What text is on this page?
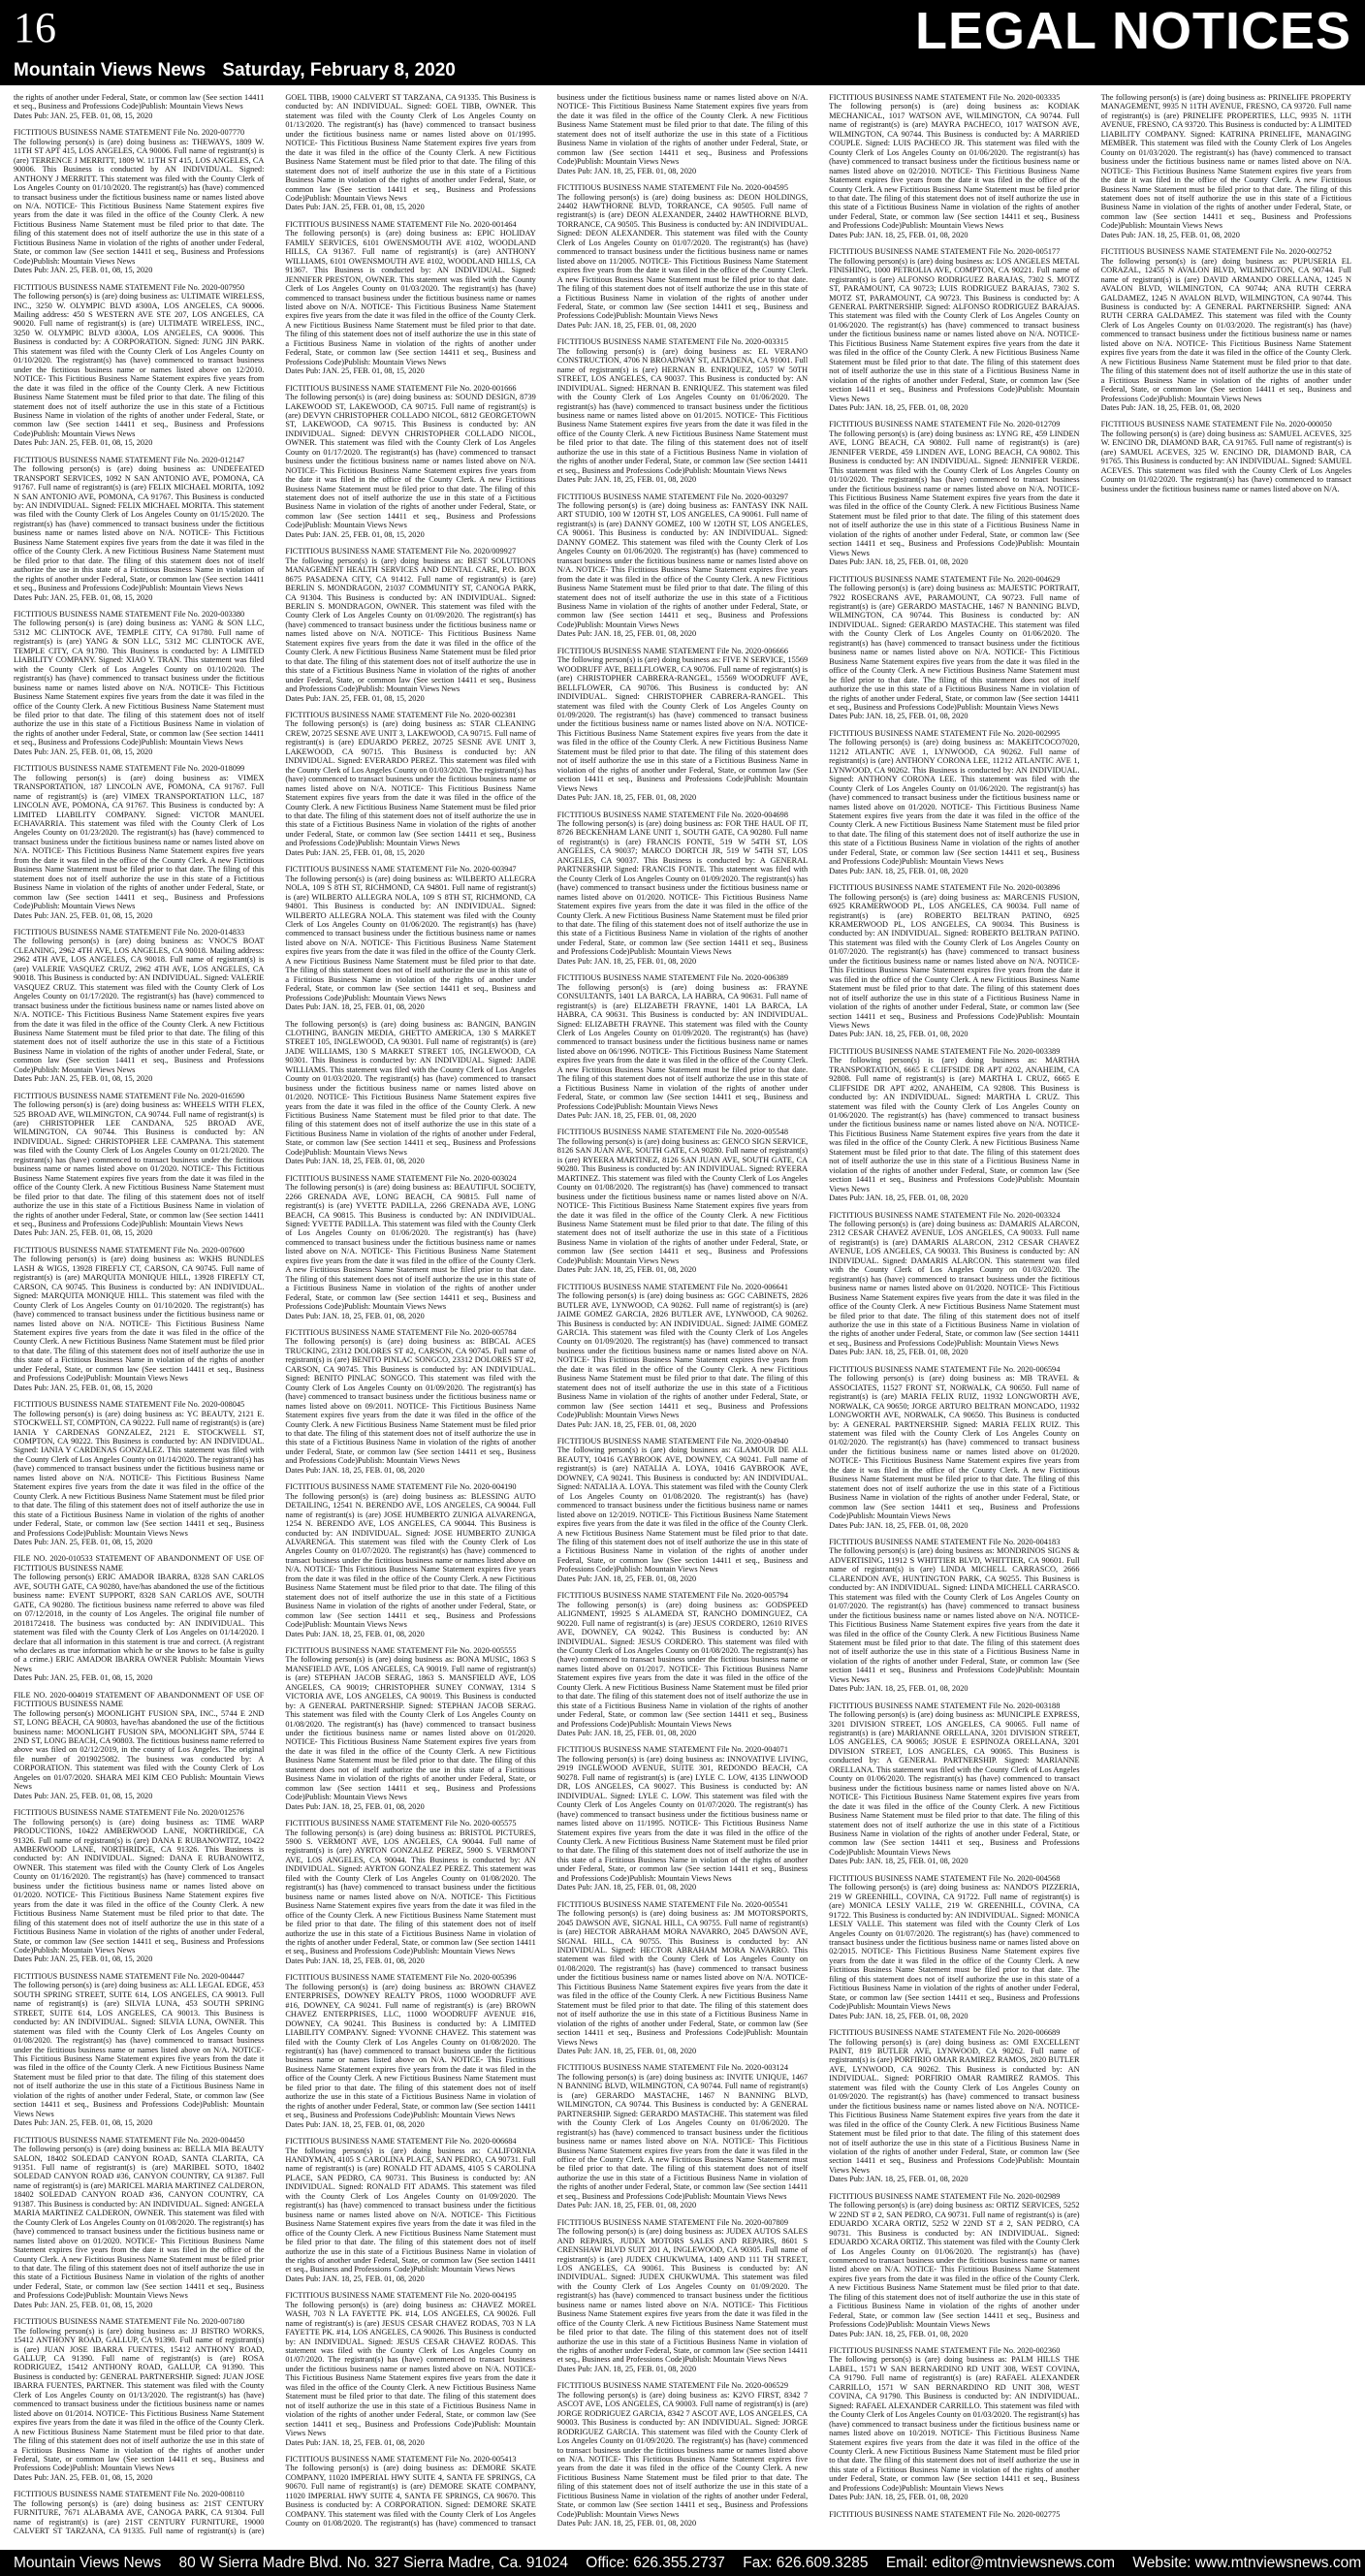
16	LEGAL NOTICES
Mountain Views News Saturday, February 8, 2020

the rights of another under Federal, State, or common law (See section 14411 et seq., Business and Professions Code)Publish: Mountain Views News

Dates Pub: JAN. 25, FEB. 01, 08, 15, 2020

FICTITIOUS BUSINESS NAME STATEMENT File No. 2020-007770

The following person(s) is (are) doing business as: THEWAYS, 1809 W. 11TH ST APT 415, LOS ANGELES, CA 90006. Full name of registrant(s) is (are) TERRENCE J MERRITT, 1809 W. 11TH ST 415, LOS ANGELES, CA 90006. This Business is conducted by AN INDIVIDUAL. Signed: ANTHONY J MERRITT. This statement was filed with the County Clerk of Los Angeles County on 01/10/2020. The registrant(s) has (have) commenced to transact business under the fictitious business name or names listed above on N/A. NOTICE- This Fictitious Business Name Statement expires five years from the date it was filed in the office of the County Clerk. A new Fictitious Business Name Statement must be filed prior to that date. The filing of this statement does not of itself authorize the use in this state of a Fictitious Business Name in violation of the rights of another under Federal, State, or common law (See section 14411 et seq., Business and Professions Code)Publish: Mountain Views News

Dates Pub: JAN. 25, FEB. 01, 08, 15, 2020

FICTITIOUS BUSINESS NAME STATEMENT File No. 2020-007950

The following person(s) is (are) doing business as: ULTIMATE WIRELESS, INC., 3250 W. OLYMPIC BLVD #300A, LOS ANGELES, CA 90006. Mailing address: 450 S WESTERN AVE STE 207, LOS ANGELES, CA 90020. Full name of registrant(s) is (are) ULTIMATE WIRELESS, INC., 3250 W. OLYMPIC BLVD #300A, LOS ANGELES, CA 90006. This Business is conducted by: A CORPORATION. Signed: JUNG JIN PARK. This statement was filed with the County Clerk of Los Angeles County on 01/10/2020. The registrant(s) has (have) commenced to transact business under the fictitious business name or names listed above on 12/2010. NOTICE- This Fictitious Business Name Statement expires five years from the date it was filed in the office of the County Clerk. A new Fictitious Business Name Statement must be filed prior to that date. The filing of this statement does not of itself authorize the use in this state of a Fictitious Business Name in violation of the rights of another under Federal, State, or common law (See section 14411 et seq., Business and Professions Code)Publish: Mountain Views News

Dates Pub: JAN. 25, FEB. 01, 08, 15, 2020

FICTITIOUS BUSINESS NAME STATEMENT File No. 2020-012147

The following person(s) is (are) doing business as: UNDEFEATED TRANSPORT SERVICES, 1092 N SAN ANTONIO AVE, POMONA, CA 91767. Full name of registrant(s) is (are) FELIX MICHAEL MORITA, 1092 N SAN ANTONIO AVE, POMONA, CA 91767. This Business is conducted by: AN INDIVIDUAL. Signed: FELIX MICHAEL MORITA. This statement was filed with the County Clerk of Los Angeles County on 01/15/2020. The registrant(s) has (have) commenced to transact business under the fictitious business name or names listed above on N/A. NOTICE- This Fictitious Business Name Statement expires five years from the date it was filed in the office of the County Clerk. A new Fictitious Business Name Statement must be filed prior to that date. The filing of this statement does not of itself authorize the use in this state of a Fictitious Business Name in violation of the rights of another under Federal, State, or common law (See section 14411 et seq., Business and Professions Code)Publish: Mountain Views News

Dates Pub: JAN. 25, FEB. 01, 08, 15, 2020

FICTITIOUS BUSINESS NAME STATEMENT File No. 2020-003380

The following person(s) is (are) doing business as: YANG & SON LLC, 5312 MC CLINTOCK AVE, TEMPLE CITY, CA 91780. Full name of registrant(s) is (are) YANG & SON LLC, 5312 MC CLINTOCK AVE, TEMPLE CITY, CA 91780. This Business is conducted by: A LIMITED LIABILITY COMPANY. Signed: XIAO Y. TRAN. This statement was filed with the County Clerk of Los Angeles County on 01/10/2020. The registrant(s) has (have) commenced to transact business under the fictitious business name or names listed above on N/A. NOTICE- This Fictitious Business Name Statement expires five years from the date it was filed in the office of the County Clerk. A new Fictitious Business Name Statement must be filed prior to that date. The filing of this statement does not of itself authorize the use in this state of a Fictitious Business Name in violation of the rights of another under Federal, State, or common law (See section 14411 et seq., Business and Professions Code)Publish: Mountain Views News

Dates Pub: JAN. 25, FEB. 01, 08, 15, 2020

FICTITIOUS BUSINESS NAME STATEMENT File No. 2020-018099

The following person(s) is (are) doing business as: VIMEX TRANSPORTATION, 187 LINCOLN AVE, POMONA, CA 91767. Full name of registrant(s) is (are) VIMEX TRANSPORTATION LLC, 187 LINCOLN AVE, POMONA, CA 91767. This Business is conducted by: A LIMITED LIABILITY COMPANY. Signed: VICTOR MANUEL ECHAVARRIA. This statement was filed with the County Clerk of Los Angeles County on 01/23/2020. The registrant(s) has (have) commenced to transact business under the fictitious business name or names listed above on N/A. NOTICE- This Fictitious Business Name Statement expires five years from the date it was filed in the office of the County Clerk. A new Fictitious Business Name Statement must be filed prior to that date. The filing of this statement does not of itself authorize the use in this state of a Fictitious Business Name in violation of the rights of another under Federal, State, or common law (See section 14411 et seq., Business and Professions Code)Publish: Mountain Views News

Dates Pub: JAN. 25, FEB. 01, 08, 15, 2020

FICTITIOUS BUSINESS NAME STATEMENT File No. 2020-014833

The following person(s) is (are) doing business as: VNOC'S BOAT CLEANING, 2962 4TH AVE, LOS ANGELES, CA 90018. Mailing address: 2962 4TH AVE, LOS ANGELES, CA 90018. Full name of registrant(s) is (are) VALERIE VASQUEZ CRUZ, 2962 4TH AVE, LOS ANGELES, CA 90018. This Business is conducted by: AN INDIVIDUAL. Signed: VALERIE VASQUEZ CRUZ. This statement was filed with the County Clerk of Los Angeles County on 01/17/2020. The registrant(s) has (have) commenced to transact business under the fictitious business name or names listed above on N/A. NOTICE- This Fictitious Business Name Statement expires five years from the date it was filed in the office of the County Clerk. A new Fictitious Business Name Statement must be filed prior to that date. The filing of this statement does not of itself authorize the use in this state of a Fictitious Business Name in violation of the rights of another under Federal, State, or common law (See section 14411 et seq., Business and Professions Code)Publish: Mountain Views News

Dates Pub: JAN. 25, FEB. 01, 08, 15, 2020

FICTITIOUS BUSINESS NAME STATEMENT File No. 2020-016590

The following person(s) is (are) doing business as: WHEELS WITH FLEX, 525 BROAD AVE, WILMINGTON, CA 90744. Full name of registrant(s) is (are) CHRISTOPHER LEE CANDANA, 525 BROAD AVE, WILMINGTON, CA 90744. This Business is conducted by: AN INDIVIDUAL. Signed: CHRISTOPHER LEE CAMPANA. This statement was filed with the County Clerk of Los Angeles County on 01/21/2020. The registrant(s) has (have) commenced to transact business under the fictitious business name or names listed above on 01/2020. NOTICE- This Fictitious Business Name Statement expires five years from the date it was filed in the office of the County Clerk. A new Fictitious Business Name Statement must be filed prior to that date. The filing of this statement does not of itself authorize the use in this state of a Fictitious Business Name in violation of the rights of another under Federal, State, or common law (See section 14411 et seq., Business and Professions Code)Publish: Mountain Views News

Dates Pub: JAN. 25, FEB. 01, 08, 15, 2020

FICTITIOUS BUSINESS NAME STATEMENT File No. 2020-007600

The following person(s) is (are) doing business as: WKHS BUNDLES LASH & WIGS, 13928 FIREFLY CT, CARSON, CA 90745. Full name of registrant(s) is (are) MARQUITA MONIQUE HILL, 13928 FIREFLY CT, CARSON, CA 90745. This Business is conducted by: AN INDIVIDUAL. Signed: MARQUITA MONIQUE HILL. This statement was filed with the County Clerk of Los Angeles County on 01/10/2020. The registrant(s) has (have) commenced to transact business under the fictitious business name or names listed above on N/A. NOTICE- This Fictitious Business Name Statement expires five years from the date it was filed in the office of the County Clerk. A new Fictitious Business Name Statement must be filed prior to that date. The filing of this statement does not of itself authorize the use in this state of a Fictitious Business Name in violation of the rights of another under Federal, State, or common law (See section 14411 et seq., Business and Professions Code)Publish: Mountain Views News

Dates Pub: JAN. 25, FEB. 01, 08, 15, 2020

FICTITIOUS BUSINESS NAME STATEMENT File No. 2020-008045

The following person(s) is (are) doing business as: YC BEAUTY, 2121 E. STOCKWELL ST, COMPTON, CA 90222. Full name of registrant(s) is (are) IANIA Y CARDENAS GONZALEZ, 2121 E. STOCKWELL ST, COMPTON, CA 90222. This Business is conducted by: AN INDIVIDUAL. Signed: IANIA Y CARDENAS GONZALEZ. This statement was filed with the County Clerk of Los Angeles County on 01/14/2020. The registrant(s) has (have) commenced to transact business under the fictitious business name or names listed above on N/A. NOTICE- This Fictitious Business Name Statement expires five years from the date it was filed in the office of the County Clerk. A new Fictitious Business Name Statement must be filed prior to that date. The filing of this statement does not of itself authorize the use in this state of a Fictitious Business Name in violation of the rights of another under Federal, State, or common law (See section 14411 et seq., Business and Professions Code)Publish: Mountain Views News

Dates Pub: JAN. 25, FEB. 01, 08, 15, 2020

FILE NO. 2020-010533 STATEMENT OF ABANDONMENT OF USE OF FICTITIOUS BUSINESS NAME

The following person(s) ERIC AMADOR IBARRA, 8328 SAN CARLOS AVE, SOUTH GATE, CA 90280, have/has abandoned the use of the fictitious business name: EVENT SUPPORT, 8328 SAN CARLOS AVE, SOUTH GATE, CA 90280. The fictitious business name referred to above was filed on 07/12/2018, in the county of Los Angeles. The original file number of 2018172418. The business was conducted by: AN INDIVIDUAL. This statement was filed with the County Clerk of Los Angeles on 01/14/2020. I declare that all information in this statement is true and correct. (A registrant who declares as true information which he or she knows to be false is guilty of a crime.) ERIC AMADOR IBARRA OWNER Publish: Mountain Views News

Dates Pub: JAN. 25, FEB. 01, 08, 15, 2020

FILE NO. 2020-004019 STATEMENT OF ABANDONMENT OF USE OF FICTITIOUS BUSINESS NAME

The following person(s) MOONLIGHT FUSION SPA, INC., 5744 E 2ND ST, LONG BEACH, CA 90803, have/has abandoned the use of the fictitious business name: MOONLIGHT FUSION SPA, MOONLIGHT SPA, 5744 E 2ND ST, LONG BEACH, CA 90803. The fictitious business name referred to above was filed on 02/12/2019, in the county of Los Angeles. The original file number of 2019025082. The business was conducted by: A CORPORATION. This statement was filed with the County Clerk of Los Angeles on 01/07/2020. SHARA MEI KIM CEO Publish: Mountain Views News

Dates Pub: JAN. 25, FEB. 01, 08, 15, 2020

FICTITIOUS BUSINESS NAME STATEMENT File No. 2020/012576

The following person(s) is (are) doing business as: TIME WARP PRODUCTIONS, 10422 AMBERWOOD LANE, NORTHRIDGE, CA 91326. Full name of registrant(s) is (are) DANA E RUBANOWITZ, 10422 AMBERWOOD LANE, NORTHRIDGE, CA 91326. This Business is conducted by: AN INDIVIDUAL. Signed: DANA E RUBANOWITZ, OWNER. This statement was filed with the County Clerk of Los Angeles County on 01/16/2020. The registrant(s) has (have) commenced to transact business under the fictitious business name or names listed above on 01/2020. NOTICE- This Fictitious Business Name Statement expires five years from the date it was filed in the office of the County Clerk. A new Fictitious Business Name Statement must be filed prior to that date. The filing of this statement does not of itself authorize the use in this state of a Fictitious Business Name in violation of the rights of another under Federal, State, or common law (See section 14411 et seq., Business and Professions Code)Publish: Mountain Views News

Dates Pub: JAN. 25, FEB. 01, 08, 15, 2020

FICTITIOUS BUSINESS NAME STATEMENT File No. 2020-004447

The following person(s) is (are) doing business as: ALL LEGAL EDGE, 453 SOUTH SPRING STREET, SUITE 614, LOS ANGELES, CA 90013. Full name of registrant(s) is (are) SILVIA LUNA, 453 SOUTH SPRING STREET, SUITE 614, LOS ANGELES, CA 90013. This Business is conducted by: AN INDIVIDUAL. Signed: SILVIA LUNA, OWNER. This statement was filed with the County Clerk of Los Angeles County on 01/08/2020. The registrant(s) has (have) commenced to transact business under the fictitious business name or names listed above on N/A. NOTICE- This Fictitious Business Name Statement expires five years from the date it was filed in the office of the County Clerk. A new Fictitious Business Name Statement must be filed prior to that date. The filing of this statement does not of itself authorize the use in this state of a Fictitious Business Name in violation of the rights of another under Federal, State, or common law (See section 14411 et seq., Business and Professions Code)Publish: Mountain Views News

Dates Pub: JAN. 25, FEB. 01, 08, 15, 2020

FICTITIOUS BUSINESS NAME STATEMENT File No. 2020-004450

The following person(s) is (are) doing business as: BELLA MIA BEAUTY SALON, 18402 SOLEDAD CANYON ROAD, SANTA CLARITA, CA 91351. Full name of registrant(s) is (are) MARIBEL SOTO, 18402 SOLEDAD CANYON ROAD #36, CANYON COUNTRY, CA 91387. Full name of registrant(s) is (are) MARICEL MARIA MARTINEZ CALDERON, 18402 SOLEDAD CANYON ROAD #36, CANYON COUNTRY, CA 91387. This Business is conducted by: AN INDIVIDUAL. Signed: ANGELA MARIA MARTINEZ CALDERON, OWNER. This statement was filed with the County Clerk of Los Angeles County on 01/08/2020. The registrant(s) has (have) commenced to transact business under the fictitious business name or names listed above on 01/2020. NOTICE- This Fictitious Business Name Statement expires five years from the date it was filed in the office of the County Clerk. A new Fictitious Business Name Statement must be filed prior to that date. The filing of this statement does not of itself authorize the use in this state of a Fictitious Business Name in violation of the rights of another under Federal, State, or common law (See section 14411 et seq., Business and Professions Code)Publish: Mountain Views News

Dates Pub: JAN. 25, FEB. 01, 08, 15, 2020

FICTITIOUS BUSINESS NAME STATEMENT File No. 2020-007180

The following person(s) is (are) doing business as: JJ BISTRO WORKS, 15412 ANTHONY ROAD, GALLUP, CA 91390. Full name of registrant(s) is (are) JUAN JOSE IBARRA FUENTES, 15412 ANTHONY ROAD, GALLUP, CA 91390. Full name of registrant(s) is (are) ROSA RODRIGUEZ, 15412 ANTHONY ROAD, GALLUP, CA 91390. This Business is conducted by: GENERAL PARTNERSHIP. Signed: JUAN JOSE IBARRA FUENTES, PARTNER. This statement was filed with the County Clerk of Los Angeles County on 01/13/2020. The registrant(s) has (have) commenced to transact business under the fictitious business name or names listed above on 01/2014. NOTICE- This Fictitious Business Name Statement expires five years from the date it was filed in the office of the County Clerk. A new Fictitious Business Name Statement must be filed prior to that date. The filing of this statement does not of itself authorize the use in this state of a Fictitious Business Name in violation of the rights of another under Federal, State, or common law (See section 14411 et seq., Business and Professions Code)Publish: Mountain Views News

Dates Pub: JAN. 25, FEB. 01, 08, 15, 2020

FICTITIOUS BUSINESS NAME STATEMENT File No. 2020-008110

The following person(s) is (are) doing business as: 21ST CENTURY FURNITURE, 7671 ALABAMA AVE, CANOGA PARK, CA 91304. Full name of registrant(s) is (are) 21ST CENTURY FURNITURE, 19000 CALVERT ST TARZANA, CA 91335. Full name of registrant(s) is (are) GOEL TIBB, 19000 CALVERT ST TARZANA, CA 91335. This Business is conducted by: AN INDIVIDUAL. Signed: GOEL TIBB, OWNER. This statement was filed with the County Clerk of Los Angeles County on 01/13/2020. The registrant(s) has (have) commenced to transact business under the fictitious business name or names listed above on 01/1995. NOTICE- This Fictitious Business Name Statement expires five years from the date it was filed in the office of the County Clerk. A new Fictitious Business Name Statement must be filed prior to that date. The filing of this statement does not of itself authorize the use in this state of a Fictitious Business Name in violation of the rights of another under Federal, State, or common law (See section 14411 et seq., Business and Professions Code)Publish: Mountain Views News

Dates Pub: JAN. 25, FEB. 01, 08, 15, 2020

FICTITIOUS BUSINESS NAME STATEMENT File No. 2020-001464

The following person(s) is (are) doing business as: EPIC HOLIDAY FAMILY SERVICES, 6101 OWENSMOUTH AVE #102, WOODLAND HILLS, CA 91367. Full name of registrant(s) is (are) ANTHONY WILLIAMS, 6101 OWENSMOUTH AVE #102, WOODLAND HILLS, CA 91367. This Business is conducted by: AN INDIVIDUAL. Signed: JENNIFER PRESTON, OWNER. This statement was filed with the County Clerk of Los Angeles County on 01/03/2020. The registrant(s) has (have) commenced to transact business under the fictitious business name or names listed above on N/A. NOTICE- This Fictitious Business Name Statement expires five years from the date it was filed in the office of the County Clerk. A new Fictitious Business Name Statement must be filed prior to that date. The filing of this statement does not of itself authorize the use in this state of a Fictitious Business Name in violation of the rights of another under Federal, State, or common law (See section 14411 et seq., Business and Professions Code)Publish: Mountain Views News

Dates Pub: JAN. 25, FEB. 01, 08, 15, 2020

FICTITIOUS BUSINESS NAME STATEMENT File No. 2020-001666

The following person(s) is (are) doing business as: SOUND DESIGN, 8739 LAKEWOOD ST, LAKEWOOD, CA 90715. Full name of registrant(s) is (are) DEVYN CHRISTOPHER COLLADO NICOL, 6812 GEORGETOWN ST, LAKEWOOD, CA 90715. This Business is conducted by: AN INDIVIDUAL. Signed: DEVYN CHRISTOPHER COLLADO NICOL, OWNER. This statement was filed with the County Clerk of Los Angeles County on 01/17/2020. The registrant(s) has (have) commenced to transact business under the fictitious business name or names listed above on N/A. NOTICE- This Fictitious Business Name Statement expires five years from the date it was filed in the office of the County Clerk. A new Fictitious Business Name Statement must be filed prior to that date. The filing of this statement does not of itself authorize the use in this state of a Fictitious Business Name in violation of the rights of another under Federal, State, or common law (See section 14411 et seq., Business and Professions Code)Publish: Mountain Views News

Dates Pub: JAN. 25, FEB. 01, 08, 15, 2020

FICTITIOUS BUSINESS NAME STATEMENT File No. 2020/009927

The following person(s) is (are) doing business as: BEST SOLUTIONS MANAGEMENT HEALTH SERVICES AND DENTAL CARE, P.O. BOX 8675 PASADENA CITY, CA 91412. Full name of registrant(s) is (are) BERLIN S. MONDRAGON, 21037 COMMUNITY ST, CANOGA PARK, CA 91304. This Business is conducted by: AN INDIVIDUAL. Signed: BERLIN S. MONDRAGON, OWNER. This statement was filed with the County Clerk of Los Angeles County on 01/09/2020. The registrant(s) has (have) commenced to transact business under the fictitious business name or names listed above on N/A. NOTICE- This Fictitious Business Name Statement expires five years from the date it was filed in the office of the County Clerk. A new Fictitious Business Name Statement must be filed prior to that date. The filing of this statement does not of itself authorize the use in this state of a Fictitious Business Name in violation of the rights of another under Federal, State, or common law (See section 14411 et seq., Business and Professions Code)Publish: Mountain Views News

Dates Pub: JAN. 25, FEB. 01, 08, 15, 2020

FICTITIOUS BUSINESS NAME STATEMENT File No. 2020-002381

The following person(s) is (are) doing business as: STAR CLEANING CREW, 20725 SESNE AVE UNIT 3, LAKEWOOD, CA 90715. Full name of registrant(s) is (are) EDUARDO PEREZ, 20725 SESNE AVE UNIT 3, LAKEWOOD, CA 90715. This Business is conducted by: AN INDIVIDUAL. Signed: EVERARDO PEREZ. This statement was filed with the County Clerk of Los Angeles County on 01/03/2020. The registrant(s) has (have) commenced to transact business under the fictitious business name or names listed above on N/A. NOTICE- This Fictitious Business Name Statement expires five years from the date it was filed in the office of the County Clerk. A new Fictitious Business Name Statement must be filed prior to that date. The filing of this statement does not of itself authorize the use in this state of a Fictitious Business Name in violation of the rights of another under Federal, State, or common law (See section 14411 et seq., Business and Professions Code)Publish: Mountain Views News

Dates Pub: JAN. 25, FEB. 01, 08, 15, 2020

FICTITIOUS BUSINESS NAME STATEMENT File No. 2020-003947

The following person(s) is (are) doing business as: WILBERTO ALLEGRA NOLA, 109 S 8TH ST, RICHMOND, CA 94801. Full name of registrant(s) is (are) WILBERTO ALLEGRA NOLA, 109 S 8TH ST, RICHMOND, CA 94801. This Business is conducted by: AN INDIVIDUAL. Signed: WILBERTO ALLEGRA NOLA. This statement was filed with the County Clerk of Los Angeles County on 01/06/2020. The registrant(s) has (have) commenced to transact business under the fictitious business name or names listed above on N/A. NOTICE- This Fictitious Business Name Statement expires five years from the date it was filed in the office of the County Clerk. A new Fictitious Business Name Statement must be filed prior to that date. The filing of this statement does not of itself authorize the use in this state of a Fictitious Business Name in violation of the rights of another under Federal, State, or common law (See section 14411 et seq., Business and Professions Code)Publish: Mountain Views News

Dates Pub: JAN. 18, 25, FEB. 01, 08, 2020

The following person(s) is (are) doing business as: BANGIN, BANGIN CLOTHING, BANGIN MEDIA, GHETTO AMERICA, 130 S MARKET STREET 105, INGLEWOOD, CA 90301. Full name of registrant(s) is (are) JADE WILLIAMS, 130 S MARKET STREET 105, INGLEWOOD, CA 90301. This Business is conducted by: AN INDIVIDUAL. Signed: JADE WILLIAMS. This statement was filed with the County Clerk of Los Angeles County on 01/03/2020. The registrant(s) has (have) commenced to transact business under the fictitious business name or names listed above on 01/2020. NOTICE- This Fictitious Business Name Statement expires five years from the date it was filed in the office of the County Clerk. A new Fictitious Business Name Statement must be filed prior to that date. The filing of this statement does not of itself authorize the use in this state of a Fictitious Business Name in violation of the rights of another under Federal, State, or common law (See section 14411 et seq., Business and Professions Code)Publish: Mountain Views News

Dates Pub: JAN. 18, 25, FEB. 01, 08, 2020

FICTITIOUS BUSINESS NAME STATEMENT File No. 2020-003024

The following person(s) is (are) doing business as: BEAUTIFUL SOCIETY, 2266 GRENADA AVE, LONG BEACH, CA 90815. Full name of registrant(s) is (are) YVETTE PADILLA, 2266 GRENADA AVE, LONG BEACH, CA 90815. This Business is conducted by: AN INDIVIDUAL. Signed: YVETTE PADILLA. This statement was filed with the County Clerk of Los Angeles County on 01/06/2020. The registrant(s) has (have) commenced to transact business under the fictitious business name or names listed above on N/A. NOTICE- This Fictitious Business Name Statement expires five years from the date it was filed in the office of the County Clerk. A new Fictitious Business Name Statement must be filed prior to that date. The filing of this statement does not of itself authorize the use in this state of a Fictitious Business Name in violation of the rights of another under Federal, State, or common law (See section 14411 et seq., Business and Professions Code)Publish: Mountain Views News

Dates Pub: JAN. 18, 25, FEB. 01, 08, 2020

FICTITIOUS BUSINESS NAME STATEMENT File No. 2020-005784

The following person(s) is (are) doing business as: BIBCAL ACES TRUCKING, 23312 DOLORES ST #2, CARSON, CA 90745. Full name of registrant(s) is (are) BENITO PINLAC SONGCO, 23312 DOLORES ST #2, CARSON, CA 90745. This Business is conducted by: AN INDIVIDUAL. Signed: BENITO PINLAC SONGCO. This statement was filed with the County Clerk of Los Angeles County on 01/09/2020. The registrant(s) has (have) commenced to transact business under the fictitious business name or names listed above on 09/2011. NOTICE- This Fictitious Business Name Statement expires five years from the date it was filed in the office of the County Clerk. A new Fictitious Business Name Statement must be filed prior to that date. The filing of this statement does not of itself authorize the use in this state of a Fictitious Business Name in violation of the rights of another under Federal, State, or common law (See section 14411 et seq., Business and Professions Code)Publish: Mountain Views News

Dates Pub: JAN. 18, 25, FEB. 01, 08, 2020

FICTITIOUS BUSINESS NAME STATEMENT File No. 2020-004190

The following person(s) is (are) doing business as: BLESSING AUTO DETAILING, 12541 N. BERENDO AVE, LOS ANGELES, CA 90044. Full name of registrant(s) is (are) JOSE HUMBERTO ZUNIGA ALVARENGA, 1254 N. BERENDO AVE, LOS ANGELES, CA 90044. This Business is conducted by: AN INDIVIDUAL. Signed: JOSE HUMBERTO ZUNIGA ALVARENGA. This statement was filed with the County Clerk of Los Angeles County on 01/07/2020. The registrant(s) has (have) commenced to transact business under the fictitious business name or names listed above on N/A. NOTICE- This Fictitious Business Name Statement expires five years from the date it was filed in the office of the County Clerk. A new Fictitious Business Name Statement must be filed prior to that date. The filing of this statement does not of itself authorize the use in this state of a Fictitious Business Name in violation of the rights of another under Federal, State, or common law (See section 14411 et seq., Business and Professions Code)Publish: Mountain Views News

Dates Pub: JAN. 18, 25, FEB. 01, 08, 2020

FICTITIOUS BUSINESS NAME STATEMENT File No. 2020-005555

The following person(s) is (are) doing business as: BONA MUSIC, 1863 S MANSFIELD AVE, LOS ANGELES, CA 90019. Full name of registrant(s) is (are) STEPHAN JACOB SERAG, 1863 S. MANSFIELD AVE, LOS ANGELES, CA 90019; CHRISTOPHER SUNEY CONWAY, 1314 S VICTORIA AVE, LOS ANGELES, CA 90019. This Business is conducted by: A GENERAL PARTNERSHIP. Signed: STEPHAN JACOB SERAG. This statement was filed with the County Clerk of Los Angeles County on 01/08/2020. The registrant(s) has (have) commenced to transact business under the fictitious business name or names listed above on 01/2020. NOTICE- This Fictitious Business Name Statement expires five years from the date it was filed in the office of the County Clerk. A new Fictitious Business Name Statement must be filed prior to that date. The filing of this statement does not of itself authorize the use in this state of a Fictitious Business Name in violation of the rights of another under Federal, State, or common law (See section 14411 et seq., Business and Professions Code)Publish: Mountain Views News

Dates Pub: JAN. 18, 25, FEB. 01, 08, 2020

FICTITIOUS BUSINESS NAME STATEMENT File No. 2020-005575

The following person(s) is (are) doing business as: BRISTOL PICTURES, 5900 S. VERMONT AVE, LOS ANGELES, CA 90044. Full name of registrant(s) is (are) AYRTON GONZALEZ PEREZ, 5900 S. VERMONT AVE, LOS ANGELES, CA 90044. This Business is conducted by: AN INDIVIDUAL. Signed: AYRTON GONZALEZ PEREZ. This statement was filed with the County Clerk of Los Angeles County on 01/08/2020. The registrant(s) has (have) commenced to transact business under the fictitious business name or names listed above on N/A. NOTICE- This Fictitious Business Name Statement expires five years from the date it was filed in the office of the County Clerk. A new Fictitious Business Name Statement must be filed prior to that date. The filing of this statement does not of itself authorize the use in this state of a Fictitious Business Name in violation of the rights of another under Federal, State, or common law (See section 14411 et seq., Business and Professions Code)Publish: Mountain Views News

Dates Pub: JAN. 18, 25, FEB. 01, 08, 2020

FICTITIOUS BUSINESS NAME STATEMENT File No. 2020-005396

The following person(s) is (are) doing business as: BROWN CHAVEZ ENTERPRISES, DOWNEY REALTY PROS, 11000 WOODRUFF AVE #16, DOWNEY, CA 90241. Full name of registrant(s) is (are) BROWN CHAVEZ ENTERPRISES, LLC, 11000 WOODRUFF AVENUE #16, DOWNEY, CA 90241. This Business is conducted by: A LIMITED LIABILITY COMPANY. Signed: YVONNE CHAVEZ. This statement was filed with the County Clerk of Los Angeles County on 01/08/2020. The registrant(s) has (have) commenced to transact business under the fictitious business name or names listed above on N/A. NOTICE- This Fictitious Business Name Statement expires five years from the date it was filed in the office of the County Clerk. A new Fictitious Business Name Statement must be filed prior to that date. The filing of this statement does not of itself authorize the use in this state of a Fictitious Business Name in violation of the rights of another under Federal, State, or common law (See section 14411 et seq., Business and Professions Code)Publish: Mountain Views News

Dates Pub: JAN. 18, 25, FEB. 01, 08, 2020

FICTITIOUS BUSINESS NAME STATEMENT File No. 2020-006684

The following person(s) is (are) doing business as: CALIFORNIA HANDYMAN, 4105 S CAROLINA PLACE, SAN PEDRO, CA 90731. Full name of registrant(s) is (are) RONALD FIT ADAMS, 4105 S CAROLINA PLACE, SAN PEDRO, CA 90731. This Business is conducted by: AN INDIVIDUAL. Signed: RONALD FIT ADAMS. This statement was filed with the County Clerk of Los Angeles County on 01/09/2020. The registrant(s) has (have) commenced to transact business under the fictitious business name or names listed above on N/A. NOTICE- This Fictitious Business Name Statement expires five years from the date it was filed in the office of the County Clerk. A new Fictitious Business Name Statement must be filed prior to that date. The filing of this statement does not of itself authorize the use in this state of a Fictitious Business Name in violation of the rights of another under Federal, State, or common law (See section 14411 et seq., Business and Professions Code)Publish: Mountain Views News

Dates Pub: JAN. 18, 25, FEB. 01, 08, 2020

FICTITIOUS BUSINESS NAME STATEMENT File No. 2020-004195

The following person(s) is (are) doing business as: CHAVEZ MOREL WASH, 703 N LA FAYETTE PK. #14, LOS ANGELES, CA 90026. Full name of registrant(s) is (are) JESUS CESAR CHAVEZ RODAS, 703 N LA FAYETTE PK. #14, LOS ANGELES, CA 90026. This Business is conducted by: AN INDIVIDUAL. Signed: JESUS CESAR CHAVEZ RODAS. This statement was filed with the County Clerk of Los Angeles County on 01/07/2020. The registrant(s) has (have) commenced to transact business under the fictitious business name or names listed above on N/A. NOTICE- This Fictitious Business Name Statement expires five years from the date it was filed in the office of the County Clerk. A new Fictitious Business Name Statement must be filed prior to that date. The filing of this statement does not of itself authorize the use in this state of a Fictitious Business Name in violation of the rights of another under Federal, State, or common law (See section 14411 et seq., Business and Professions Code)Publish: Mountain Views News

Dates Pub: JAN. 18, 25, FEB. 01, 08, 2020

FICTITIOUS BUSINESS NAME STATEMENT File No. 2020-005413

The following person(s) is (are) doing business as: DEMORE SKATE COMPANY, 11020 IMPERIAL HWY SUITE 4, SANTA FE SPRINGS, CA 90670. Full name of registrant(s) is (are) DEMORE SKATE COMPANY, 11020 IMPERIAL HWY SUITE 4, SANTA FE SPRINGS, CA 90670. This Business is conducted by: A CORPORATION. Signed: DEMORE SKATE COMPANY. This statement was filed with the County Clerk of Los Angeles County on 01/08/2020. The registrant(s) has (have) commenced to transact business under the fictitious business name or names listed above on N/A. NOTICE- This Fictitious Business Name Statement expires five years from the date it was filed in the office of the County Clerk. A new Fictitious Business Name Statement must be filed prior to that date. The filing of this statement does not of itself authorize the use in this state of a Fictitious Business Name in violation of the rights of another under Federal, State, or common law (See section 14411 et seq., Business and Professions Code)Publish: Mountain Views News

Dates Pub: JAN. 18, 25, FEB. 01, 08, 2020

FICTITIOUS BUSINESS NAME STATEMENT File No. 2020-004595

The following person(s) is (are) doing business as: DEON HOLDINGS, 24402 HAWTHORNE BLVD, TORRANCE, CA 90505. Full name of registrant(s) is (are) DEON ALEXANDER, 24402 HAWTHORNE BLVD, TORRANCE, CA 90505. This Business is conducted by: AN INDIVIDUAL. Signed: DEON ALEXANDER. This statement was filed with the County Clerk of Los Angeles County on 01/07/2020. The registrant(s) has (have) commenced to transact business under the fictitious business name or names listed above on 11/2005. NOTICE- This Fictitious Business Name Statement expires five years from the date it was filed in the office of the County Clerk. A new Fictitious Business Name Statement must be filed prior to that date. The filing of this statement does not of itself authorize the use in this state of a Fictitious Business Name in violation of the rights of another under Federal, State, or common law (See section 14411 et seq., Business and Professions Code)Publish: Mountain Views News

Dates Pub: JAN. 18, 25, FEB. 01, 08, 2020

FICTITIOUS BUSINESS NAME STATEMENT File No. 2020-003315

The following person(s) is (are) doing business as: EL VERANO CONSTRUCTION, 4706 N BROADWAY ST, ALTADENA, CA 91001. Full name of registrant(s) is (are) HERNAN B. ENRIQUEZ, 1057 W 50TH STREET, LOS ANGELES, CA 90037. This Business is conducted by: AN INDIVIDUAL. Signed: HERNAN B. ENRIQUEZ. This statement was filed with the County Clerk of Los Angeles County on 01/06/2020. The registrant(s) has (have) commenced to transact business under the fictitious business name or names listed above on 01/2015. NOTICE- This Fictitious Business Name Statement expires five years from the date it was filed in the office of the County Clerk. A new Fictitious Business Name Statement must be filed prior to that date. The filing of this statement does not of itself authorize the use in this state of a Fictitious Business Name in violation of the rights of another under Federal, State, or common law (See section 14411 et seq., Business and Professions Code)Publish: Mountain Views News

Dates Pub: JAN. 18, 25, FEB. 01, 08, 2020

FICTITIOUS BUSINESS NAME STATEMENT File No. 2020-003297

The following person(s) is (are) doing business as: FANTASY INK NAIL ART STUDIO, 100 W 120TH ST, LOS ANGELES, CA 90061. Full name of registrant(s) is (are) DANNY GOMEZ, 100 W 120TH ST, LOS ANGELES, CA 90061. This Business is conducted by: AN INDIVIDUAL. Signed: DANNY GOMEZ. This statement was filed with the County Clerk of Los Angeles County on 01/06/2020. The registrant(s) has (have) commenced to transact business under the fictitious business name or names listed above on N/A. NOTICE- This Fictitious Business Name Statement expires five years from the date it was filed in the office of the County Clerk. A new Fictitious Business Name Statement must be filed prior to that date. The filing of this statement does not of itself authorize the use in this state of a Fictitious Business Name in violation of the rights of another under Federal, State, or common law (See section 14411 et seq., Business and Professions Code)Publish: Mountain Views News

Dates Pub: JAN. 18, 25, FEB. 01, 08, 2020

FICTITIOUS BUSINESS NAME STATEMENT File No. 2020-006666

The following person(s) is (are) doing business as: FIVE N SERVICE, 15569 WOODRUFF AVE, BELLFLOWER, CA 90706. Full name of registrant(s) is (are) CHRISTOPHER CABRERA-RANGEL, 15569 WOODRUFF AVE, BELLFLOWER, CA 90706. This Business is conducted by: AN INDIVIDUAL. Signed: CHRISTOPHER CABRERA-RANGEL. This statement was filed with the County Clerk of Los Angeles County on 01/09/2020. The registrant(s) has (have) commenced to transact business under the fictitious business name or names listed above on N/A. NOTICE- This Fictitious Business Name Statement expires five years from the date it was filed in the office of the County Clerk. A new Fictitious Business Name Statement must be filed prior to that date. The filing of this statement does not of itself authorize the use in this state of a Fictitious Business Name in violation of the rights of another under Federal, State, or common law (See section 14411 et seq., Business and Professions Code)Publish: Mountain Views News

Dates Pub: JAN. 18, 25, FEB. 01, 08, 2020

FICTITIOUS BUSINESS NAME STATEMENT File No. 2020-004698

The following person(s) is (are) doing business as: FOR THE HAUL OF IT, 8726 BECKENHAM LANE UNIT 1, SOUTH GATE, CA 90280. Full name of registrant(s) is (are) FRANCIS FONTE, 519 W 54TH ST, LOS ANGELES, CA 90037; MARCO DORTCH JR, 519 W 54TH ST, LOS ANGELES, CA 90037. This Business is conducted by: A GENERAL PARTNERSHIP. Signed: FRANCIS FONTE. This statement was filed with the County Clerk of Los Angeles County on 01/09/2020. The registrant(s) has (have) commenced to transact business under the fictitious business name or names listed above on 01/2020. NOTICE- This Fictitious Business Name Statement expires five years from the date it was filed in the office of the County Clerk. A new Fictitious Business Name Statement must be filed prior to that date. The filing of this statement does not of itself authorize the use in this state of a Fictitious Business Name in violation of the rights of another under Federal, State, or common law (See section 14411 et seq., Business and Professions Code)Publish: Mountain Views News

Dates Pub: JAN. 18, 25, FEB. 01, 08, 2020

FICTITIOUS BUSINESS NAME STATEMENT File No. 2020-006389

The following person(s) is (are) doing business as: FRAYNE CONSULTANTS, 1401 LA BARCA, LA HABRA, CA 90631. Full name of registrant(s) is (are) ELIZABETH FRAYNE, 1401 LA BARCA, LA HABRA, CA 90631. This Business is conducted by: AN INDIVIDUAL. Signed: ELIZABETH FRAYNE. This statement was filed with the County Clerk of Los Angeles County on 01/09/2020. The registrant(s) has (have) commenced to transact business under the fictitious business name or names listed above on 06/1996. NOTICE- This Fictitious Business Name Statement expires five years from the date it was filed in the office of the County Clerk. A new Fictitious Business Name Statement must be filed prior to that date. The filing of this statement does not of itself authorize the use in this state of a Fictitious Business Name in violation of the rights of another under Federal, State, or common law (See section 14411 et seq., Business and Professions Code)Publish: Mountain Views News

Dates Pub: JAN. 18, 25, FEB. 01, 08, 2020

FICTITIOUS BUSINESS NAME STATEMENT File No. 2020-005548

The following person(s) is (are) doing business as: GENCO SIGN SERVICE, 8126 SAN JUAN AVE, SOUTH GATE, CA 90280. Full name of registrant(s) is (are) RYEERA MARTINEZ, 8126 SAN JUAN AVE, SOUTH GATE, CA 90280. This Business is conducted by: AN INDIVIDUAL. Signed: RYEERA MARTINEZ. This statement was filed with the County Clerk of Los Angeles County on 01/08/2020. The registrant(s) has (have) commenced to transact business under the fictitious business name or names listed above on N/A. NOTICE- This Fictitious Business Name Statement expires five years from the date it was filed in the office of the County Clerk. A new Fictitious Business Name Statement must be filed prior to that date. The filing of this statement does not of itself authorize the use in this state of a Fictitious Business Name in violation of the rights of another under Federal, State, or common law (See section 14411 et seq., Business and Professions Code)Publish: Mountain Views News

Dates Pub: JAN. 18, 25, FEB. 01, 08, 2020

FICTITIOUS BUSINESS NAME STATEMENT File No. 2020-006641

The following person(s) is (are) doing business as: GGC CABINETS, 2826 BUTLER AVE, LYNWOOD, CA 90262. Full name of registrant(s) is (are) JAIME GOMEZ GARCIA, 2826 BUTLER AVE, LYNWOOD, CA 90262. This Business is conducted by: AN INDIVIDUAL. Signed: JAIME GOMEZ GARCIA. This statement was filed with the County Clerk of Los Angeles County on 01/09/2020. The registrant(s) has (have) commenced to transact business under the fictitious business name or names listed above on N/A. NOTICE- This Fictitious Business Name Statement expires five years from the date it was filed in the office of the County Clerk. A new Fictitious Business Name Statement must be filed prior to that date. The filing of this statement does not of itself authorize the use in this state of a Fictitious Business Name in violation of the rights of another under Federal, State, or common law (See section 14411 et seq., Business and Professions Code)Publish: Mountain Views News

Dates Pub: JAN. 18, 25, FEB. 01, 08, 2020

FICTITIOUS BUSINESS NAME STATEMENT File No. 2020-004940

The following person(s) is (are) doing business as: GLAMOUR DE ALL BEAUTY, 10416 GAYBROOK AVE, DOWNEY, CA 90241. Full name of registrant(s) is (are) NATALIA A. LOYA, 10416 GAYBROOK AVE, DOWNEY, CA 90241. This Business is conducted by: AN INDIVIDUAL. Signed: NATALIA A. LOYA. This statement was filed with the County Clerk of Los Angeles County on 01/08/2020. The registrant(s) has (have) commenced to transact business under the fictitious business name or names listed above on 12/2019. NOTICE- This Fictitious Business Name Statement expires five years from the date it was filed in the office of the County Clerk. A new Fictitious Business Name Statement must be filed prior to that date. The filing of this statement does not of itself authorize the use in this state of a Fictitious Business Name in violation of the rights of another under Federal, State, or common law (See section 14411 et seq., Business and Professions Code)Publish: Mountain Views News

Dates Pub: JAN. 18, 25, FEB. 01, 08, 2020

FICTITIOUS BUSINESS NAME STATEMENT File No. 2020-005794

The following person(s) is (are) doing business as: GODSPEED ALIGNMENT, 19925 S ALAMEDA ST, RANCHO DOMINGUEZ, CA 90220. Full name of registrant(s) is (are) JESUS CORDERO, 12610 RIVES AVE, DOWNEY, CA 90242. This Business is conducted by: AN INDIVIDUAL. Signed: JESUS CORDERO. This statement was filed with the County Clerk of Los Angeles County on 01/08/2020. The registrant(s) has (have) commenced to transact business under the fictitious business name or names listed above on 01/2017. NOTICE- This Fictitious Business Name Statement expires five years from the date it was filed in the office of the County Clerk. A new Fictitious Business Name Statement must be filed prior to that date. The filing of this statement does not of itself authorize the use in this state of a Fictitious Business Name in violation of the rights of another under Federal, State, or common law (See section 14411 et seq., Business and Professions Code)Publish: Mountain Views News

Dates Pub: JAN. 18, 25, FEB. 01, 08, 2020

FICTITIOUS BUSINESS NAME STATEMENT File No. 2020-004071

The following person(s) is (are) doing business as: INNOVATIVE LIVING, 2919 INGLEWOOD AVENUE, SUITE 301, REDONDO BEACH, CA 90278. Full name of registrant(s) is (are) LYLE C. LOW, 4135 LINWOOD DR, LOS ANGELES, CA 90027. This Business is conducted by: AN INDIVIDUAL. Signed: LYLE C. LOW. This statement was filed with the County Clerk of Los Angeles County on 01/07/2020. The registrant(s) has (have) commenced to transact business under the fictitious business name or names listed above on 11/1995. NOTICE- This Fictitious Business Name Statement expires five years from the date it was filed in the office of the County Clerk. A new Fictitious Business Name Statement must be filed prior to that date. The filing of this statement does not of itself authorize the use in this state of a Fictitious Business Name in violation of the rights of another under Federal, State, or common law (See section 14411 et seq., Business and Professions Code)Publish: Mountain Views News

Dates Pub: JAN. 18, 25, FEB. 01, 08, 2020

FICTITIOUS BUSINESS NAME STATEMENT File No. 2020-005541

The following person(s) is (are) doing business as: JM MOTORSPORTS, 2045 DAWSON AVE, SIGNAL HILL, CA 90755. Full name of registrant(s) is (are) HECTOR ABRAHAM MORA NAVARRO, 2045 DAWSON AVE, SIGNAL HILL, CA 90755. This Business is conducted by: AN INDIVIDUAL. Signed: HECTOR ABRAHAM MORA NAVARRO. This statement was filed with the County Clerk of Los Angeles County on 01/08/2020. The registrant(s) has (have) commenced to transact business under the fictitious business name or names listed above on N/A. NOTICE- This Fictitious Business Name Statement expires five years from the date it was filed in the office of the County Clerk. A new Fictitious Business Name Statement must be filed prior to that date. The filing of this statement does not of itself authorize the use in this state of a Fictitious Business Name in violation of the rights of another under Federal, State, or common law (See section 14411 et seq., Business and Professions Code)Publish: Mountain Views News

Dates Pub: JAN. 18, 25, FEB. 01, 08, 2020

FICTITIOUS BUSINESS NAME STATEMENT File No. 2020-003124

The following person(s) is (are) doing business as: INVITE UNIQUE, 1467 N BANNING BLVD, WILMINGTON, CA 90744. Full name of registrant(s) is (are) GERARDO MASTACHE, 1467 N BANNING BLVD, WILMINGTON, CA 90744. This Business is conducted by: A GENERAL PARTNERSHIP. Signed: GERARDO MASTACHE. This statement was filed with the County Clerk of Los Angeles County on 01/06/2020. The registrant(s) has (have) commenced to transact business under the fictitious business name or names listed above on N/A. NOTICE- This Fictitious Business Name Statement expires five years from the date it was filed in the office of the County Clerk. A new Fictitious Business Name Statement must be filed prior to that date. The filing of this statement does not of itself authorize the use in this state of a Fictitious Business Name in violation of the rights of another under Federal, State, or common law (See section 14411 et seq., Business and Professions Code)Publish: Mountain Views News

Dates Pub: JAN. 18, 25, FEB. 01, 08, 2020

FICTITIOUS BUSINESS NAME STATEMENT File No. 2020-007809

The following person(s) is (are) doing business as: JUDEX AUTOS SALES AND REPAIRS, JUDEX MOTORS SALES AND REPAIRS, 8601 S CRENSHAW BLVD SUIT 201 A, INGLEWOOD, CA 90305. Full name of registrant(s) is (are) JUDEX CHUKWUMA, 1409 AND 111 TH STREET, LOS ANGELES, CA 90061. This Business is conducted by: AN INDIVIDUAL. Signed: JUDEX CHUKWUMA. This statement was filed with the County Clerk of Los Angeles County on 01/09/2020. The registrant(s) has (have) commenced to transact business under the fictitious business name or names listed above on N/A. NOTICE- This Fictitious Business Name Statement expires five years from the date it was filed in the office of the County Clerk. A new Fictitious Business Name Statement must be filed prior to that date. The filing of this statement does not of itself authorize the use in this state of a Fictitious Business Name in violation of the rights of another under Federal, State, or common law (See section 14411 et seq., Business and Professions Code)Publish: Mountain Views News

Dates Pub: JAN. 18, 25, FEB. 01, 08, 2020

FICTITIOUS BUSINESS NAME STATEMENT File No. 2020-006529

The following person(s) is (are) doing business as: K2VO FIRST, 8342 7 ASCOT AVE, LOS ANGELES, CA 90003. Full name of registrant(s) is (are) JORGE RODRIGUEZ GARCIA, 8342 7 ASCOT AVE, LOS ANGELES, CA 90003. This Business is conducted by: AN INDIVIDUAL. Signed: JORGE RODRIGUEZ GARCIA. This statement was filed with the County Clerk of Los Angeles County on 01/09/2020. The registrant(s) has (have) commenced to transact business under the fictitious business name or names listed above on N/A. NOTICE- This Fictitious Business Name Statement expires five years from the date it was filed in the office of the County Clerk. A new Fictitious Business Name Statement must be filed prior to that date. The filing of this statement does not of itself authorize the use in this state of a Fictitious Business Name in violation of the rights of another under Federal, State, or common law (See section 14411 et seq., Business and Professions Code)Publish: Mountain Views News

Dates Pub: JAN. 18, 25, FEB. 01, 08, 2020

FICTITIOUS BUSINESS NAME STATEMENT File No. 2020-003335

The following person(s) is (are) doing business as: KODIAK MECHANICAL, 1017 WATSON AVE, WILMINGTON, CA 90744. Full name of registrant(s) is (are) MAYRA PACHECO, 1017 WATSON AVE, WILMINGTON, CA 90744. This Business is conducted by: A MARRIED COUPLE. Signed: LUIS PACHECO JR. This statement was filed with the County Clerk of Los Angeles County on 01/06/2020. The registrant(s) has (have) commenced to transact business under the fictitious business name or names listed above on 02/2010. NOTICE- This Fictitious Business Name Statement expires five years from the date it was filed in the office of the County Clerk. A new Fictitious Business Name Statement must be filed prior to that date. The filing of this statement does not of itself authorize the use in this state of a Fictitious Business Name in violation of the rights of another under Federal, State, or common law (See section 14411 et seq., Business and Professions Code)Publish: Mountain Views News

Dates Pub: JAN. 18, 25, FEB. 01, 08, 2020

FICTITIOUS BUSINESS NAME STATEMENT File No. 2020-005177

The following person(s) is (are) doing business as: LOS ANGELES METAL FINISHING, 1000 PETROLIA AVE, COMPTON, CA 90221. Full name of registrant(s) is (are) ALFONSO RODRIGUEZ BARAJAS, 7302 S. MOTZ ST, PARAMOUNT, CA 90723; LUIS RODRIGUEZ BARAJAS, 7302 S. MOTZ ST, PARAMOUNT, CA 90723. This Business is conducted by: A GENERAL PARTNERSHIP. Signed: ALFONSO RODRIGUEZ BARAJAS. This statement was filed with the County Clerk of Los Angeles County on 01/06/2020. The registrant(s) has (have) commenced to transact business under the fictitious business name or names listed above on N/A. NOTICE- This Fictitious Business Name Statement expires five years from the date it was filed in the office of the County Clerk. A new Fictitious Business Name Statement must be filed prior to that date. The filing of this statement does not of itself authorize the use in this state of a Fictitious Business Name in violation of the rights of another under Federal, State, or common law (See section 14411 et seq., Business and Professions Code)Publish: Mountain Views News

Dates Pub: JAN. 18, 25, FEB. 01, 08, 2020

FICTITIOUS BUSINESS NAME STATEMENT File No. 2020-012709

The following person(s) is (are) doing business as: LYNG RE, 459 LINDEN AVE, LONG BEACH, CA 90802. Full name of registrant(s) is (are) JENNIFER VERDE, 459 LINDEN AVE, LONG BEACH, CA 90802. This Business is conducted by: AN INDIVIDUAL. Signed: JENNIFER VERDE. This statement was filed with the County Clerk of Los Angeles County on 01/10/2020. The registrant(s) has (have) commenced to transact business under the fictitious business name or names listed above on N/A. NOTICE- This Fictitious Business Name Statement expires five years from the date it was filed in the office of the County Clerk. A new Fictitious Business Name Statement must be filed prior to that date. The filing of this statement does not of itself authorize the use in this state of a Fictitious Business Name in violation of the rights of another under Federal, State, or common law (See section 14411 et seq., Business and Professions Code)Publish: Mountain Views News

Dates Pub: JAN. 18, 25, FEB. 01, 08, 2020

FICTITIOUS BUSINESS NAME STATEMENT File No. 2020-004629

The following person(s) is (are) doing business as: MAJESTIC PORTRAIT, 7922 ROSECRANS AVE, PARAMOUNT, CA 90723. Full name of registrant(s) is (are) GERARDO MASTACHE, 1467 N BANNING BLVD, WILMINGTON, CA 90744. This Business is conducted by: AN INDIVIDUAL. Signed: GERARDO MASTACHE. This statement was filed with the County Clerk of Los Angeles County on 01/06/2020. The registrant(s) has (have) commenced to transact business under the fictitious business name or names listed above on N/A. NOTICE- This Fictitious Business Name Statement expires five years from the date it was filed in the office of the County Clerk. A new Fictitious Business Name Statement must be filed prior to that date. The filing of this statement does not of itself authorize the use in this state of a Fictitious Business Name in violation of the rights of another under Federal, State, or common law (See section 14411 et seq., Business and Professions Code)Publish: Mountain Views News

Dates Pub: JAN. 18, 25, FEB. 01, 08, 2020

FICTITIOUS BUSINESS NAME STATEMENT File No. 2020-002995

The following person(s) is (are) doing business as: MAKEITCOCO7020, 11212 ATLANTIC AVE 1, LYNWOOD, CA 90262. Full name of registrant(s) is (are) ANTHONY CORONA LEE, 11212 ATLANTIC AVE 1, LYNWOOD, CA 90262. This Business is conducted by: AN INDIVIDUAL. Signed: ANTHONY CORONA LEE. This statement was filed with the County Clerk of Los Angeles County on 01/06/2020. The registrant(s) has (have) commenced to transact business under the fictitious business name or names listed above on 01/2020. NOTICE- This Fictitious Business Name Statement expires five years from the date it was filed in the office of the County Clerk. A new Fictitious Business Name Statement must be filed prior to that date. The filing of this statement does not of itself authorize the use in this state of a Fictitious Business Name in violation of the rights of another under Federal, State, or common law (See section 14411 et seq., Business and Professions Code)Publish: Mountain Views News

Dates Pub: JAN. 18, 25, FEB. 01, 08, 2020

FICTITIOUS BUSINESS NAME STATEMENT File No. 2020-003896

The following person(s) is (are) doing business as: MARCENIS FUSION, 6925 KRAMERWOOD PL, LOS ANGELES, CA 90034. Full name of registrant(s) is (are) ROBERTO BELTRAN PATINO, 6925 KRAMERWOOD PL, LOS ANGELES, CA 90034. This Business is conducted by: AN INDIVIDUAL. Signed: ROBERTO BELTRAN PATINO. This statement was filed with the County Clerk of Los Angeles County on 01/07/2020. The registrant(s) has (have) commenced to transact business under the fictitious business name or names listed above on N/A. NOTICE- This Fictitious Business Name Statement expires five years from the date it was filed in the office of the County Clerk. A new Fictitious Business Name Statement must be filed prior to that date. The filing of this statement does not of itself authorize the use in this state of a Fictitious Business Name in violation of the rights of another under Federal, State, or common law (See section 14411 et seq., Business and Professions Code)Publish: Mountain Views News

Dates Pub: JAN. 18, 25, FEB. 01, 08, 2020

FICTITIOUS BUSINESS NAME STATEMENT File No. 2020-003389

The following person(s) is (are) doing business as: MARTHA TRANSPORTATION, 6665 E CLIFFSIDE DR APT #202, ANAHEIM, CA 92808. Full name of registrant(s) is (are) MARTHA L CRUZ, 6665 E CLIFFSIDE DR APT #202, ANAHEIM, CA 92808. This Business is conducted by: AN INDIVIDUAL. Signed: MARTHA L CRUZ. This statement was filed with the County Clerk of Los Angeles County on 01/06/2020. The registrant(s) has (have) commenced to transact business under the fictitious business name or names listed above on N/A. NOTICE- This Fictitious Business Name Statement expires five years from the date it was filed in the office of the County Clerk. A new Fictitious Business Name Statement must be filed prior to that date. The filing of this statement does not of itself authorize the use in this state of a Fictitious Business Name in violation of the rights of another under Federal, State, or common law (See section 14411 et seq., Business and Professions Code)Publish: Mountain Views News

Dates Pub: JAN. 18, 25, FEB. 01, 08, 2020

FICTITIOUS BUSINESS NAME STATEMENT File No. 2020-003324

The following person(s) is (are) doing business as: DAMARIS ALARCON, 2312 CESAR CHAVEZ AVENUE, LOS ANGELES, CA 90033. Full name of registrant(s) is (are) DAMARIS ALARCON, 2312 CESAR CHAVEZ AVENUE, LOS ANGELES, CA 90033. This Business is conducted by: AN INDIVIDUAL. Signed: DAMARIS ALARCON. This statement was filed with the County Clerk of Los Angeles County on 01/03/2020. The registrant(s) has (have) commenced to transact business under the fictitious business name or names listed above on 01/2020. NOTICE- This Fictitious Business Name Statement expires five years from the date it was filed in the office of the County Clerk. A new Fictitious Business Name Statement must be filed prior to that date. The filing of this statement does not of itself authorize the use in this state of a Fictitious Business Name in violation of the rights of another under Federal, State, or common law (See section 14411 et seq., Business and Professions Code)Publish: Mountain Views News

Dates Pub: JAN. 18, 25, FEB. 01, 08, 2020

FICTITIOUS BUSINESS NAME STATEMENT File No. 2020-006594

The following person(s) is (are) doing business as: MB TRAVEL & ASSOCIATES, 11527 FRONT ST, NORWALK, CA 90650. Full name of registrant(s) is (are) MARIA FELIX RUIZ, 11932 LONGWORTH AVE, NORWALK, CA 90650; JORGE ARTURO BELTRAN MONCADO, 11932 LONGWORTH AVE, NORWALK, CA 90650. This Business is conducted by: A GENERAL PARTNERSHIP. Signed: MARIA FELIX RUIZ. This statement was filed with the County Clerk of Los Angeles County on 01/02/2020. The registrant(s) has (have) commenced to transact business under the fictitious business name or names listed above on 01/2020. NOTICE- This Fictitious Business Name Statement expires five years from the date it was filed in the office of the County Clerk. A new Fictitious Business Name Statement must be filed prior to that date. The filing of this statement does not of itself authorize the use in this state of a Fictitious Business Name in violation of the rights of another under Federal, State, or common law (See section 14411 et seq., Business and Professions Code)Publish: Mountain Views News

Dates Pub: JAN. 18, 25, FEB. 01, 08, 2020

FICTITIOUS BUSINESS NAME STATEMENT File No. 2020-004183

The following person(s) is (are) doing business as: MONDRINOS SIGNS & ADVERTISING, 11912 S WHITTIER BLVD, WHITTIER, CA 90601. Full name of registrant(s) is (are) LINDA MICHELL CARRASCO, 2666 CLARENDON AVE, HUNTINGTON PARK, CA 90255. This Business is conducted by: AN INDIVIDUAL. Signed: LINDA MICHELL CARRASCO. This statement was filed with the County Clerk of Los Angeles County on 01/07/2020. The registrant(s) has (have) commenced to transact business under the fictitious business name or names listed above on N/A. NOTICE- This Fictitious Business Name Statement expires five years from the date it was filed in the office of the County Clerk. A new Fictitious Business Name Statement must be filed prior to that date. The filing of this statement does not of itself authorize the use in this state of a Fictitious Business Name in violation of the rights of another under Federal, State, or common law (See section 14411 et seq., Business and Professions Code)Publish: Mountain Views News

Dates Pub: JAN. 18, 25, FEB. 01, 08, 2020

FICTITIOUS BUSINESS NAME STATEMENT File No. 2020-003188

The following person(s) is (are) doing business as: MUNICIPLE EXPRESS, 3201 DIVISION STREET, LOS ANGELES, CA 90065. Full name of registrant(s) is (are) MARIANNE ORELLANA, 3201 DIVISION STREET, LOS ANGELES, CA 90065; JOSUE E ESPINOZA ORELLANA, 3201 DIVISION STREET, LOS ANGELES, CA 90065. This Business is conducted by: A GENERAL PARTNERSHIP. Signed: MARIANNE ORELLANA. This statement was filed with the County Clerk of Los Angeles County on 01/06/2020. The registrant(s) has (have) commenced to transact business under the fictitious business name or names listed above on N/A. NOTICE- This Fictitious Business Name Statement expires five years from the date it was filed in the office of the County Clerk. A new Fictitious Business Name Statement must be filed prior to that date. The filing of this statement does not of itself authorize the use in this state of a Fictitious Business Name in violation of the rights of another under Federal, State, or common law (See section 14411 et seq., Business and Professions Code)Publish: Mountain Views News

Dates Pub: JAN. 18, 25, FEB. 01, 08, 2020

FICTITIOUS BUSINESS NAME STATEMENT File No. 2020-004568

The following person(s) is (are) doing business as: NANDO'S PIZZERIA, 219 W GREENHILL, COVINA, CA 91722. Full name of registrant(s) is (are) MONICA LESLY VALLE, 219 W. GREENHILL, COVINA, CA 91722. This Business is conducted by: AN INDIVIDUAL. Signed: MONICA LESLY VALLE. This statement was filed with the County Clerk of Los Angeles County on 01/07/2020. The registrant(s) has (have) commenced to transact business under the fictitious business name or names listed above on 02/2015. NOTICE- This Fictitious Business Name Statement expires five years from the date it was filed in the office of the County Clerk. A new Fictitious Business Name Statement must be filed prior to that date. The filing of this statement does not of itself authorize the use in this state of a Fictitious Business Name in violation of the rights of another under Federal, State, or common law (See section 14411 et seq., Business and Professions Code)Publish: Mountain Views News

Dates Pub: JAN. 18, 25, FEB. 01, 08, 2020

FICTITIOUS BUSINESS NAME STATEMENT File No. 2020-006689

The following person(s) is (are) doing business as: OMI EXCELLENT PAINT, 819 BUTLER AVE, LYNWOOD, CA 90262. Full name of registrant(s) is (are) PORFIRIO OMAR RAMIREZ RAMOS, 2820 BUTLER AVE, LYNWOOD, CA 90262. This Business is conducted by: AN INDIVIDUAL. Signed: PORFIRIO OMAR RAMIREZ RAMOS. This statement was filed with the County Clerk of Los Angeles County on 01/09/2020. The registrant(s) has (have) commenced to transact business under the fictitious business name or names listed above on N/A. NOTICE- This Fictitious Business Name Statement expires five years from the date it was filed in the office of the County Clerk. A new Fictitious Business Name Statement must be filed prior to that date. The filing of this statement does not of itself authorize the use in this state of a Fictitious Business Name in violation of the rights of another under Federal, State, or common law (See section 14411 et seq., Business and Professions Code)Publish: Mountain Views News

Dates Pub: JAN. 18, 25, FEB. 01, 08, 2020

FICTITIOUS BUSINESS NAME STATEMENT File No. 2020-002989

The following person(s) is (are) doing business as: ORTIZ SERVICES, 5252 W 22ND ST # 2, SAN PEDRO, CA 90731. Full name of registrant(s) is (are) EDUARDO XCARA ORTIZ, 5252 W 22ND ST # 2, SAN PEDRO, CA 90731. This Business is conducted by: AN INDIVIDUAL. Signed: EDUARDO XCARA ORTIZ. This statement was filed with the County Clerk of Los Angeles County on 01/06/2020. The registrant(s) has (have) commenced to transact business under the fictitious business name or names listed above on N/A. NOTICE- This Fictitious Business Name Statement expires five years from the date it was filed in the office of the County Clerk. A new Fictitious Business Name Statement must be filed prior to that date. The filing of this statement does not of itself authorize the use in this state of a Fictitious Business Name in violation of the rights of another under Federal, State, or common law (See section 14411 et seq., Business and Professions Code)Publish: Mountain Views News

Dates Pub: JAN. 18, 25, FEB. 01, 08, 2020

FICTITIOUS BUSINESS NAME STATEMENT File No. 2020-002360

The following person(s) is (are) doing business as: PALM HILLS THE LABEL, 1571 W SAN BERNARDINO RD UNIT 308, WEST COVINA, CA 91790. Full name of registrant(s) is (are) RAFAEL ALEXANDER CARRILLO, 1571 W SAN BERNARDINO RD UNIT 308, WEST COVINA, CA 91790. This Business is conducted by: AN INDIVIDUAL. Signed: RAFAEL ALEXANDER CARRILLO. This statement was filed with the County Clerk of Los Angeles County on 01/03/2020. The registrant(s) has (have) commenced to transact business under the fictitious business name or names listed above on 10/2019. NOTICE- This Fictitious Business Name Statement expires five years from the date it was filed in the office of the County Clerk. A new Fictitious Business Name Statement must be filed prior to that date. The filing of this statement does not of itself authorize the use in this state of a Fictitious Business Name in violation of the rights of another under Federal, State, or common law (See section 14411 et seq., Business and Professions Code)Publish: Mountain Views News

Dates Pub: JAN. 18, 25, FEB. 01, 08, 2020

FICTITIOUS BUSINESS NAME STATEMENT File No. 2020-002775

The following person(s) is (are) doing business as: PRINELIFE PROPERTY MANAGEMENT, 9935 N 11TH AVENUE, FRESNO, CA 93720. Full name of registrant(s) is (are) PRINELIFE PROPERTIES, LLC, 9935 N. 11TH AVENUE, FRESNO, CA 93720. This Business is conducted by: A LIMITED LIABILITY COMPANY. Signed: KATRINA PRINELIFE, MANAGING MEMBER. This statement was filed with the County Clerk of Los Angeles County on 01/03/2020. The registrant(s) has (have) commenced to transact business under the fictitious business name or names listed above on N/A. NOTICE- This Fictitious Business Name Statement expires five years from the date it was filed in the office of the County Clerk. A new Fictitious Business Name Statement must be filed prior to that date. The filing of this statement does not of itself authorize the use in this state of a Fictitious Business Name in violation of the rights of another under Federal, State, or common law (See section 14411 et seq., Business and Professions Code)Publish: Mountain Views News

Dates Pub: JAN. 18, 25, FEB. 01, 08, 2020

FICTITIOUS BUSINESS NAME STATEMENT File No. 2020-002752

The following person(s) is (are) doing business as: PUPUSERIA EL CORAZAL, 12455 N AVALON BLVD, WILMINGTON, CA 90744. Full name of registrant(s) is (are) DAVID ARMANDO ORELLANA, 1245 N AVALON BLVD, WILMINGTON, CA 90744; ANA RUTH CERRA GALDAMEZ, 1245 N AVALON BLVD, WILMINGTON, CA 90744. This Business is conducted by: A GENERAL PARTNERSHIP. Signed: ANA RUTH CERRA GALDAMEZ. This statement was filed with the County Clerk of Los Angeles County on 01/03/2020. The registrant(s) has (have) commenced to transact business under the fictitious business name or names listed above on N/A. NOTICE- This Fictitious Business Name Statement expires five years from the date it was filed in the office of the County Clerk. A new Fictitious Business Name Statement must be filed prior to that date. The filing of this statement does not of itself authorize the use in this state of a Fictitious Business Name in violation of the rights of another under Federal, State, or common law (See section 14411 et seq., Business and Professions Code)Publish: Mountain Views News

Dates Pub: JAN. 18, 25, FEB. 01, 08, 2020

FICTITIOUS BUSINESS NAME STATEMENT File No. 2020-000050

The following person(s) is (are) doing business as: SAMUEL ACEVES, 325 W. ENCINO DR, DIAMOND BAR, CA 91765. Full name of registrant(s) is (are) SAMUEL ACEVES, 325 W. ENCINO DR, DIAMOND BAR, CA 91765. This Business is conducted by: AN INDIVIDUAL. Signed: SAMUEL ACEVES. This statement was filed with the County Clerk of Los Angeles County on 01/02/2020. The registrant(s) has (have) commenced to transact business under the fictitious business name or names listed above on N/A.

Mountain Views News 80 W Sierra Madre Blvd. No. 327 Sierra Madre, Ca. 91024 Office: 626.355.2737 Fax: 626.609.3285 Email: editor@mtnviewsnews.com Website: www.mtnviewsnews.com
